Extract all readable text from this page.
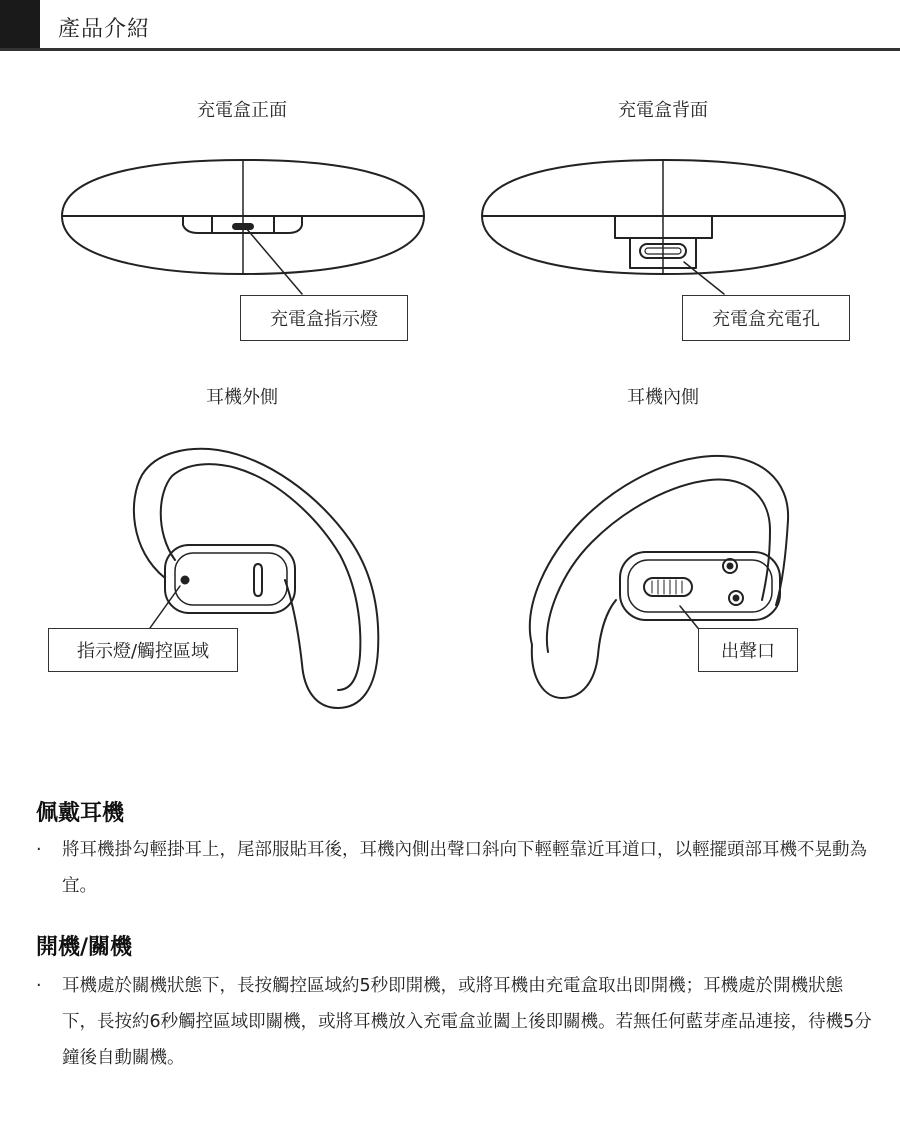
產品介紹
充電盒正面	充電盒背面
耳機外側	耳機內側
充電盒指示燈	充電盒充電孔
指示燈/觸控區域	出聲口
佩戴耳機
·	將耳機掛勾輕掛耳上，尾部服貼耳後，耳機內側出聲口斜向下輕輕靠近耳道口，以輕擺頭部耳機不晃動為宜。
開機/關機
·	耳機處於關機狀態下，長按觸控區域約5秒即開機，或將耳機由充電盒取出即開機；耳機處於開機狀態下，長按約6秒觸控區域即關機，或將耳機放入充電盒並闔上後即關機。若無任何藍芽產品連接，待機5分鐘後自動關機。
